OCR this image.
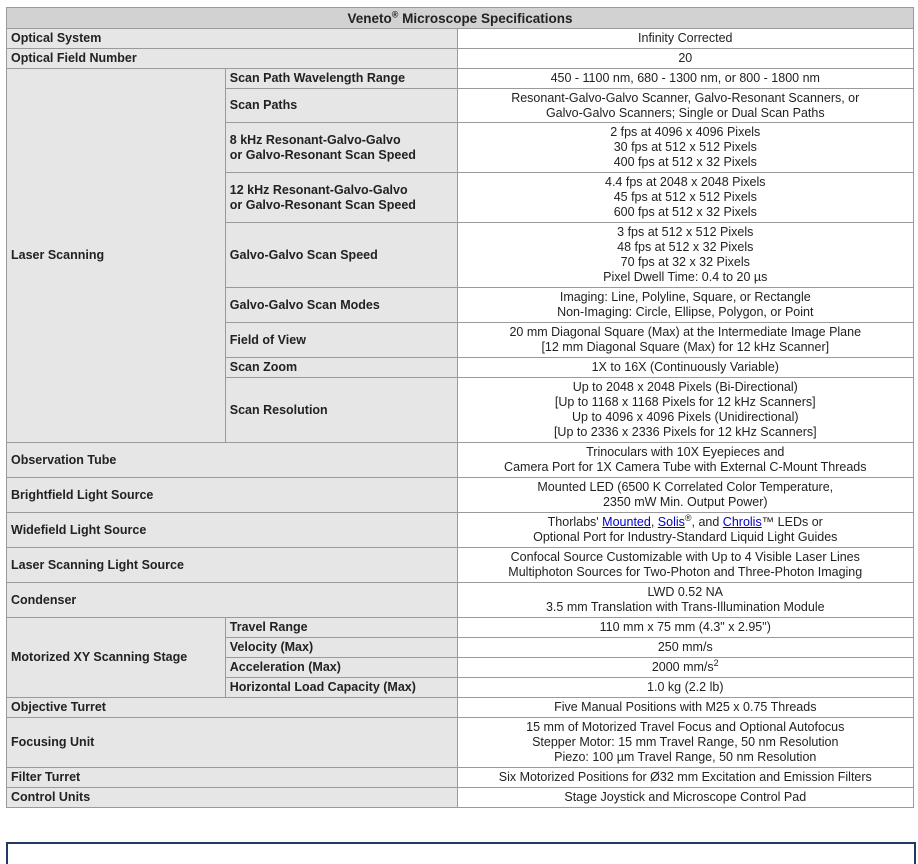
Veneto® Microscope Specifications		
Optical System		Infinity Corrected
Optical Field Number		20
Laser Scanning	Scan Path Wavelength Range	450 - 1100 nm, 680 - 1300 nm, or 800 - 1800 nm
	Scan Paths	Resonant-Galvo-Galvo Scanner, Galvo-Resonant Scanners, or
Galvo-Galvo Scanners; Single or Dual Scan Paths

	8 kHz Resonant-Galvo-Galvo
or Galvo-Resonant Scan Speed	2 fps at 4096 x 4096 Pixels
30 fps at 512 x 512 Pixels
400 fps at 512 x 32 Pixels

	12 kHz Resonant-Galvo-Galvo
or Galvo-Resonant Scan Speed	4.4 fps at 2048 x 2048 Pixels
45 fps at 512 x 512 Pixels
600 fps at 512 x 32 Pixels

	Galvo-Galvo Scan Speed	3 fps at 512 x 512 Pixels
48 fps at 512 x 32 Pixels
70 fps at 32 x 32 Pixels
Pixel Dwell Time: 0.4 to 20 µs

	Galvo-Galvo Scan Modes	Imaging: Line, Polyline, Square, or Rectangle
Non-Imaging: Circle, Ellipse, Polygon, or Point

	Field of View	20 mm Diagonal Square (Max) at the Intermediate Image Plane
[12 mm Diagonal Square (Max) for 12 kHz Scanner]

	Scan Zoom	1X to 16X (Continuously Variable)
	Scan Resolution	Up to 2048 x 2048 Pixels (Bi-Directional)
[Up to 1168 x 1168 Pixels for 12 kHz Scanners]
Up to 4096 x 4096 Pixels (Unidirectional)
[Up to 2336 x 2336 Pixels for 12 kHz Scanners]

Observation Tube		Trinoculars with 10X Eyepieces and
Camera Port for 1X Camera Tube with External C-Mount Threads

Brightfield Light Source		Mounted LED (6500 K Correlated Color Temperature,
2350 mW Min. Output Power)

Widefield Light Source		Thorlabs' Mounted, Solis®, and Chrolis™ LEDs or
Optional Port for Industry-Standard Liquid Light Guides

Laser Scanning Light Source		Confocal Source Customizable with Up to 4 Visible Laser Lines
Multiphoton Sources for Two-Photon and Three-Photon Imaging

Condenser		LWD 0.52 NA
3.5 mm Translation with Trans-Illumination Module

Motorized XY Scanning Stage	Travel Range	110 mm x 75 mm (4.3" x 2.95")
	Velocity (Max)	250 mm/s
	Acceleration (Max)	2000 $mm/s^2$
	Horizontal Load Capacity (Max)	1.0 kg (2.2 lb)
Objective Turret		Five Manual Positions with M25 x 0.75 Threads
Focusing Unit		15 mm of Motorized Travel Focus and Optional Autofocus
Stepper Motor: 15 mm Travel Range, 50 nm Resolution
Piezo: 100 µm Travel Range, 50 nm Resolution

Filter Turret		Six Motorized Positions for Ø32 mm Excitation and Emission Filters
Control Units		Stage Joystick and Microscope Control Pad
